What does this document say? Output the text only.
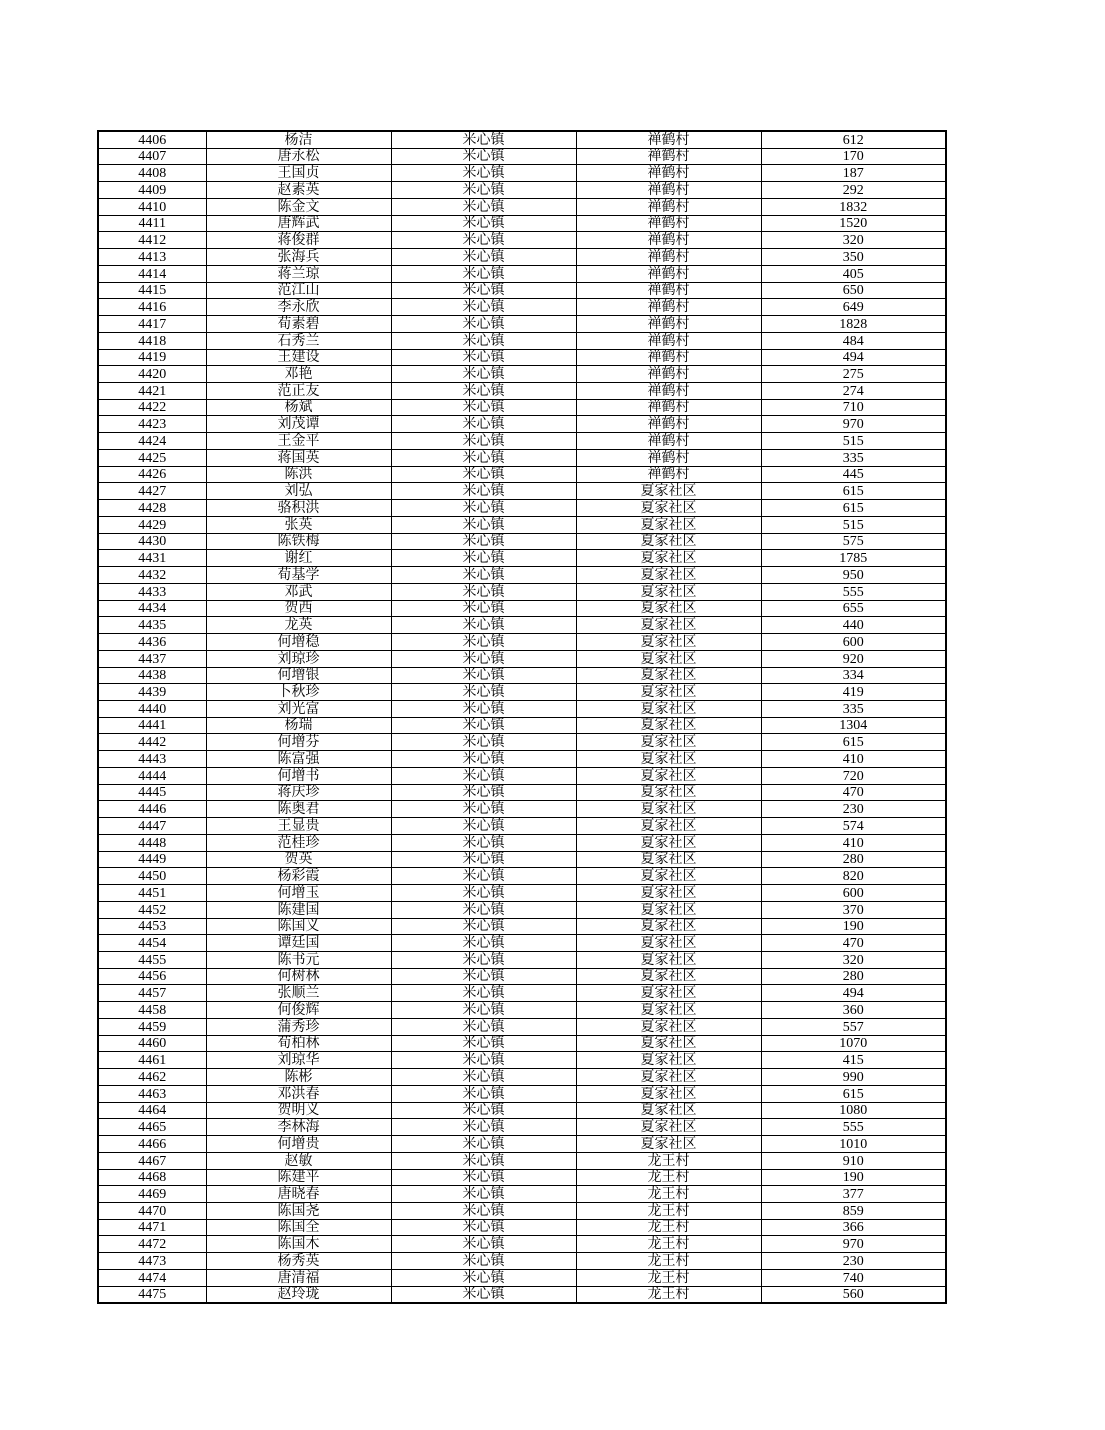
4406	杨洁	米心镇	禅鹤村	612
4407	唐永松	米心镇	禅鹤村	170
4408	王国贞	米心镇	禅鹤村	187
4409	赵素英	米心镇	禅鹤村	292
4410	陈金文	米心镇	禅鹤村	1832
4411	唐辉武	米心镇	禅鹤村	1520
4412	蒋俊群	米心镇	禅鹤村	320
4413	张海兵	米心镇	禅鹤村	350
4414	蒋兰琼	米心镇	禅鹤村	405
4415	范江山	米心镇	禅鹤村	650
4416	李永欣	米心镇	禅鹤村	649
4417	荀素碧	米心镇	禅鹤村	1828
4418	石秀兰	米心镇	禅鹤村	484
4419	王建设	米心镇	禅鹤村	494
4420	邓艳	米心镇	禅鹤村	275
4421	范正友	米心镇	禅鹤村	274
4422	杨斌	米心镇	禅鹤村	710
4423	刘茂谭	米心镇	禅鹤村	970
4424	王金平	米心镇	禅鹤村	515
4425	蒋国英	米心镇	禅鹤村	335
4426	陈洪	米心镇	禅鹤村	445
4427	刘弘	米心镇	夏家社区	615
4428	骆积洪	米心镇	夏家社区	615
4429	张英	米心镇	夏家社区	515
4430	陈铁梅	米心镇	夏家社区	575
4431	谢红	米心镇	夏家社区	1785
4432	荀基学	米心镇	夏家社区	950
4433	邓武	米心镇	夏家社区	555
4434	贺西	米心镇	夏家社区	655
4435	龙英	米心镇	夏家社区	440
4436	何增稳	米心镇	夏家社区	600
4437	刘琼珍	米心镇	夏家社区	920
4438	何增银	米心镇	夏家社区	334
4439	卜秋珍	米心镇	夏家社区	419
4440	刘光富	米心镇	夏家社区	335
4441	杨瑞	米心镇	夏家社区	1304
4442	何增芬	米心镇	夏家社区	615
4443	陈富强	米心镇	夏家社区	410
4444	何增书	米心镇	夏家社区	720
4445	蒋庆珍	米心镇	夏家社区	470
4446	陈奥君	米心镇	夏家社区	230
4447	王显贵	米心镇	夏家社区	574
4448	范桂珍	米心镇	夏家社区	410
4449	贺英	米心镇	夏家社区	280
4450	杨彩霞	米心镇	夏家社区	820
4451	何增玉	米心镇	夏家社区	600
4452	陈建国	米心镇	夏家社区	370
4453	陈国义	米心镇	夏家社区	190
4454	谭廷国	米心镇	夏家社区	470
4455	陈书元	米心镇	夏家社区	320
4456	何树林	米心镇	夏家社区	280
4457	张顺兰	米心镇	夏家社区	494
4458	何俊辉	米心镇	夏家社区	360
4459	蒲秀珍	米心镇	夏家社区	557
4460	荀柏林	米心镇	夏家社区	1070
4461	刘琼华	米心镇	夏家社区	415
4462	陈彬	米心镇	夏家社区	990
4463	邓洪春	米心镇	夏家社区	615
4464	贺明义	米心镇	夏家社区	1080
4465	李林海	米心镇	夏家社区	555
4466	何增贵	米心镇	夏家社区	1010
4467	赵敏	米心镇	龙王村	910
4468	陈建平	米心镇	龙王村	190
4469	唐晓春	米心镇	龙王村	377
4470	陈国尧	米心镇	龙王村	859
4471	陈国全	米心镇	龙王村	366
4472	陈国木	米心镇	龙王村	970
4473	杨秀英	米心镇	龙王村	230
4474	唐清福	米心镇	龙王村	740
4475	赵玲珑	米心镇	龙王村	560
